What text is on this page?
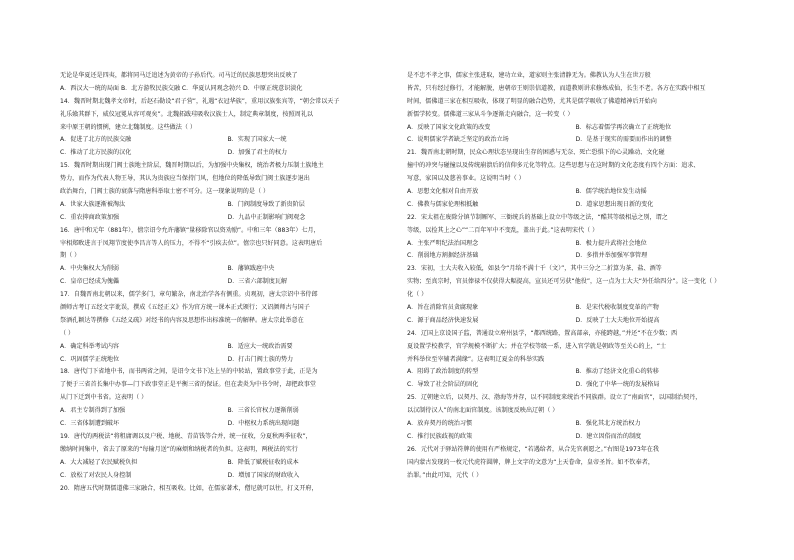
无论是华夏还是四夷，都将同马迁追述为黄帝的子孙后代。司马迁的民族思想突出反映了
A．西汉大一统的局面 B．北方游牧民族交融 C．华夏认同观念勃兴 D．中原正统意识淡化
14．魏晋时期北魏孝文帝时，后赵石勒设“君子营”，礼遇“衣冠华族”，重用汉族张宾等，“朝会常以天子
礼乐飨其群下，威仪冠冕从容可观矣”。北魏拓跋珪吸收汉族士人，制定典章制度，按照周礼以
来中原王朝的惯例，建立北魏制度。这些做法（ ）
A．促进了北方的民族交融	B．实现了国家大一统
C．推动了北方民族的汉化	D．加强了君主的权力
15．魏晋时期出现门阀士族地主阶层，魏晋时期以后，为加强中央集权，统治者极力压制士族地主
势力，而作为代表人物王导，其认为贵族应当保持门风，但地位的降低导致门阀士族逐步退出
政治舞台，门阀士族的衰落与隋唐科举取士密不可分。这一现象说明的是（ ）
A．世家大族逐渐被淘汰	B．门阀制度导致了新贵阶层
C．重农抑商政策加强	D．九品中正制影响门阀观念
16．唐中和元年（881年），僖宗诏令允许藩镇“量移除官以资劝励”。中和三年（883年）七月，
宰相郑畋进言于凤翔节度使李昌言等人的压力，不得不“引疾去位”。僖宗也只好同意。这表明唐后
期（ ）
A．中央集权大为削弱	B．藩镇跋扈中央
C．皇帝已经成为傀儡	D．三省六部制度瓦解
17．自魏晋南北朝以来，儒学多门，章句繁杂，南北治学各有侧重。贞观初，唐太宗诏中书侍郎
颜师古考订五经文字讹误，撰成《五经正义》作为官方统一课本正式颁行；又诏颜师古与国子
祭酒孔颖达等撰修《五经义疏》对经书的内容及思想作出标准统一的解释。唐太宗此举意在
（ ）
A．确定科举考试内容	B．适应大一统政治需要
C．巩固儒学正统地位	D．打击门阀士族的势力
18．唐代门下省地中书，而书两省之间，是诏令文书下达上呈的中转站，置政事堂于此，正是为
了便于三省首长集中办事—门下政事堂正是平衡三省的保证。但在裴炎为中书令时，却把政事堂
从门下迁到中书省。这表明（ ）
A．君主专制得到了加强	B．三省长官权力逐渐削弱
C．三省体制遭到破坏	D．中枢权力系统出现问题
19．唐代的两税法“将租庸调以及户税、地税、青苗钱等合并，统一征收，分夏秋两季征收”，
缴纳时间集中，省去了原来的“每输月送”的麻烦和纳税者的负担。这表明，两税法的实行
A．大大减轻了农民赋税负担	B．降低了赋税征收的成本
C．放松了对农民人身控制	D．增加了国家的财政收入
20．隋唐五代时期儒道佛三家融合，相互吸收。比如，在儒家著术，僧尼就可以往，打义开府，
是不忠不孝之事，儒家主张进取，建功立业，道家则主张清静无为。佛教认为人生在世万般
皆苦，只有经过修行，才能解脱，唐朝帝王则崇信道教，而道教则讲求修炼成仙，长生不老。各方在实践中相互
时间，儒佛道三家在相互吸收，体现了明显的融合趋势，尤其是儒学吸收了佛道精神后开始向
新儒学转变。儒佛道三家从斗争逐渐走向融合，这一转变（ ）
A．反映了国家文化政策的改变	B．标志着儒学再次确立了正统地位
C．说明儒家学者缺乏坚定的政治立场	D．是基于现实的需要而作出的调整
21．魏晋南北朝时期，民众心理状态呈现出生存的困惑与无奈、死亡恐惧下的心灵躁动、文化碰
撞中的冲突与碰撞以及传统崩溃后的信仰多元化等特点。这些思想与在这时期的文化态度有四个方面：追求、
写意，家国以及慈善事业。这说明当时（ ）
A．思想文化相对自由开放	B．儒学统治地位发生动摇
C．佛教与儒家伦理相抵触	D．道家思想出现日新的变化
22．宋太祖在废除分镇节制厢军、三衙统兵的基础上设立中等级之法，“酷其等级相忌之别，谓之
等级，以捡其上之心”“二百年军中不变乱，盖出于此。”这表明宋代（ ）
A．主张严明纪法治国理念	B．极力提升武将社会地位
C．削弱地方割据经济基础	D．多措并举加强军事管理
23．宋初，士大夫收入较低，如县令“月给不满十千（文）”，其中三分之二折算为茶、盐、酒等
实物；至真宗时，官员俸禄不仅获得大幅提高，宣员还可另获“他役”，这一点为士大夫“外任给四分”。这一变化（ ）
化（ ）
A．旨在消除官员贪腐现象	B．是宋代税收制度变革的产物
C．源于商品经济快速发展	D．反映了士大夫地位开始提高
24．辽国上京设国子监，普通设立府州县学，“都西统路，置高部亲，亦能跨越，”并还“不在少数；西
夏设置学校教学，官学规模不断扩大；并在学校等级一系，进入官学就是朝政等至关心的上，“士
并科举位至宰辅者满缘”。这表明辽夏金的科举实践
A．阻碍了政治制度的转型	B．推动了经济文化重心的转移
C．导致了社会阶层的固化	D．强化了中华一统的发展格局
25．辽朝建立后，以契丹、汉、渤海等并存，以不同制度来统治不同族群。设立了“南面官”，以国制治契丹，
以汉制待汉人”的南北面官制度。该制度反映出辽朝（ ）
A．放弃契丹的统治习惯	B．强化其北方统治权力
C．推行民族歧视的政策	D．建立因俗而治的制度
26．元代对于驿站符牌的使用有严格规定，“若遇给者，从合先官刹愿之。”右图是1973年在我
国内蒙古发现的一枚元代虎符圆牌，牌上文字的文意为“上天眷命，皇帝圣旨。如不钦奉者，
治罪。”由此可知，元代（ ）
